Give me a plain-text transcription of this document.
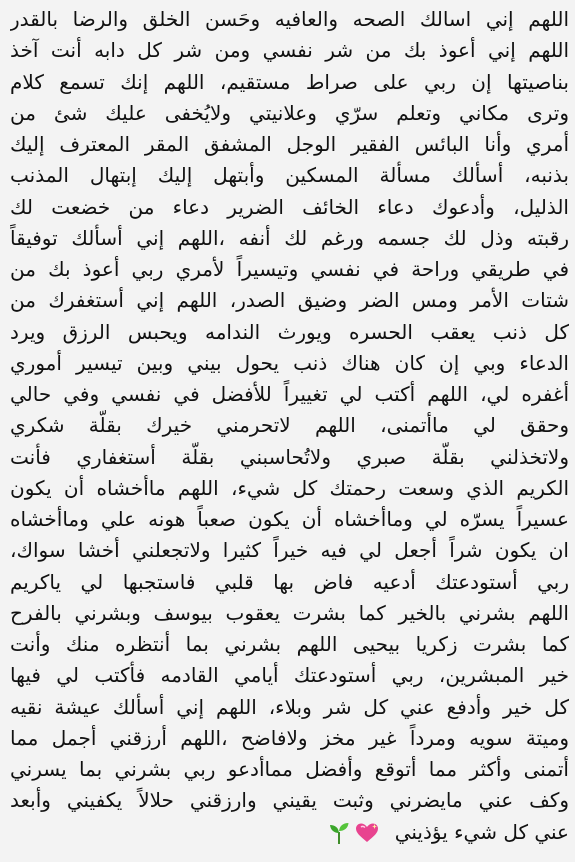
اللهم إني اسالك الصحه والعافيه وحَسن الخلق والرضا بالقدر
اللهم إني أعوذ بك من شر نفسي ومن شر كل دابه أنت آخذ
بناصيتها إن ربي على صراط مستقيم، اللهم إنك تسمع كلام
وترى مكاني وتعلم سرّي وعلانيتي ولايُخفى عليك شئ من
أمري وأنا البائس الفقير الوجل المشفق المقر المعترف إليك
بذنبه، أسألك مسألة المسكين وأبتهل إليك إبتهال المذنب
الذليل، وأدعوك دعاء الخائف الضرير دعاء من خضعت لك
رقبته وذل لك جسمه ورغم لك أنفه ،اللهم إني أسألك توفيقاً
في طريقي وراحة في نفسي وتيسيراً لأمري ربي أعوذ بك من
شتات الأمر ومس الضر وضيق الصدر، اللهم إني أستغفرك من
كل ذنب يعقب الحسره ويورث الندامه ويحبس الرزق ويرد
الدعاء وبي إن كان هناك ذنب يحول بيني وبين تيسير أموري
أغفره لي، اللهم أكتب لي تغييراً للأفضل في نفسي وفي حالي
وحقق لي ماأتمنى، اللهم لاتحرمني خيرك بقلّة شكري
ولاتخذلني بقلّة صبري ولاتُحاسبني بقلّة أستغفاري فأنت
الكريم الذي وسعت رحمتك كل شيء، اللهم ماأخشاه أن يكون
عسيراً يسرّه لي وماأخشاه أن يكون صعباً هونه علي وماأخشاه
ان يكون شراً أجعل لي فيه خيراً كثيرا ولاتجعلني أخشا سواك،
ربي أستودعتك أدعيه فاض بها قلبي فاستجبها لي ياكريم
اللهم بشرني بالخير كما بشرت يعقوب بيوسف وبشرني بالفرح
كما بشرت زكريا بيحيى اللهم بشرني بما أنتظره منك وأنت
خير المبشرين، ربي أستودعتك أيامي القادمه فأكتب لي فيها
كل خير وأدفع عني كل شر وبلاء، اللهم إني أسألك عيشة نقيه
وميتة سويه ومرداً غير مخز ولافاضح ،اللهم أرزقني أجمل مما
أتمنى وأكثر مما أتوقع وأفضل مماأدعو ربي بشرني بما يسرني
وكف عني مايضرني وثبت يقيني وارزقني حلالاً يكفيني وأبعد
عني كل شيء يؤذيني
